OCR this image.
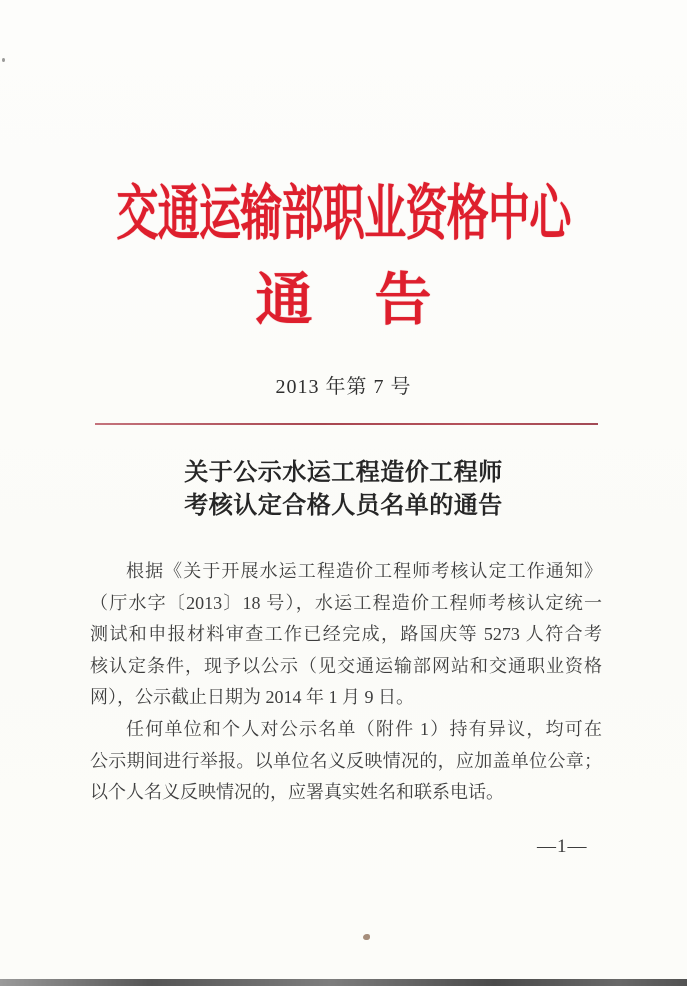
交通运输部职业资格中心
通 告
2013 年第 7 号
关于公示水运工程造价工程师
考核认定合格人员名单的通告
根据《关于开展水运工程造价工程师考核认定工作通知》
（厅水字〔2013〕18 号），水运工程造价工程师考核认定统一
测试和申报材料审查工作已经完成，路国庆等 5273 人符合考
核认定条件，现予以公示（见交通运输部网站和交通职业资格
网），公示截止日期为 2014 年 1 月 9 日。
任何单位和个人对公示名单（附件 1）持有异议，均可在
公示期间进行举报。以单位名义反映情况的，应加盖单位公章；
以个人名义反映情况的，应署真实姓名和联系电话。
—1—
